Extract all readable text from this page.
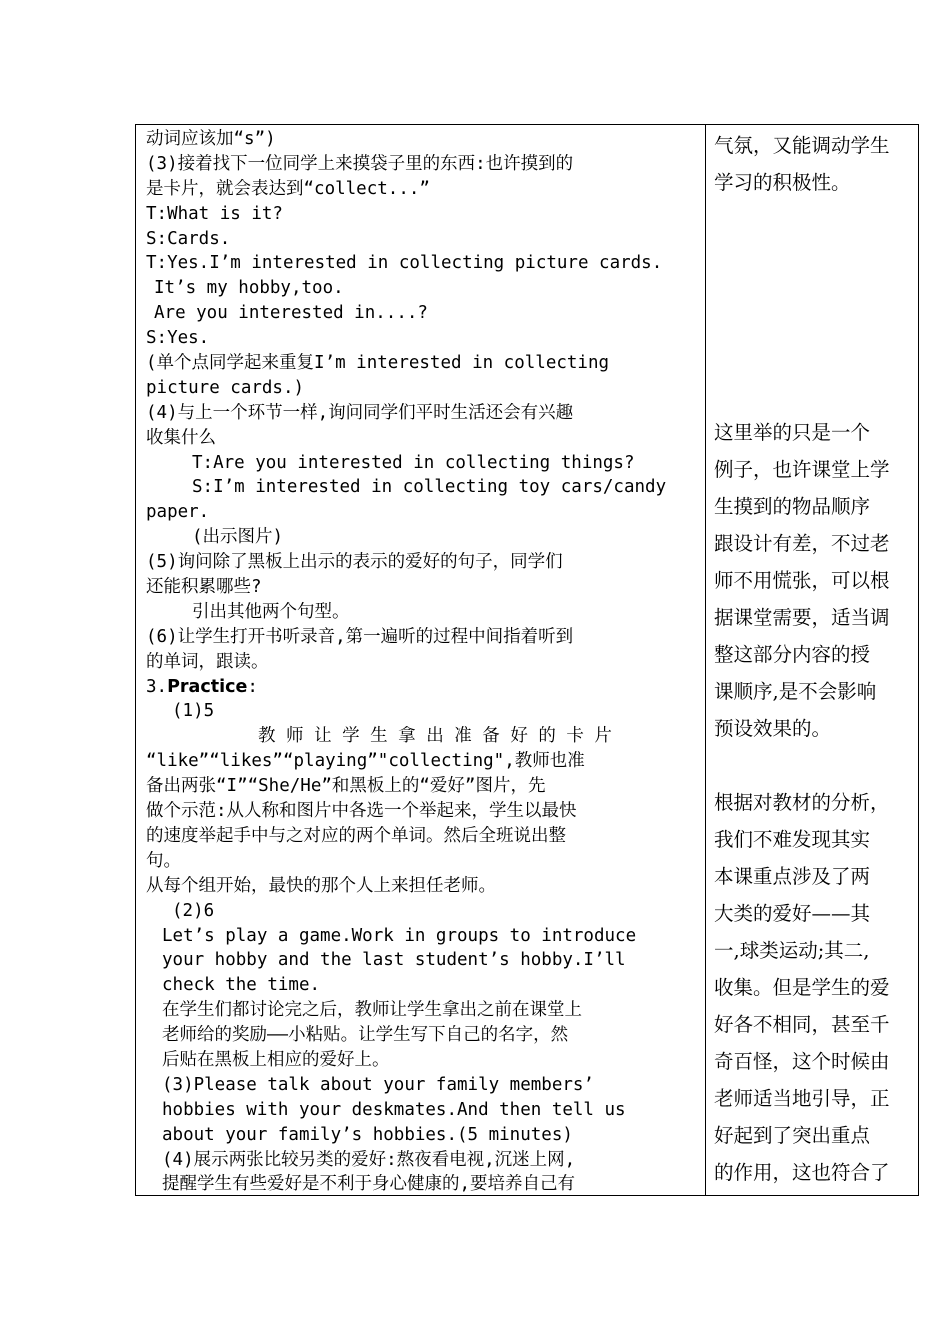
动词应该加“s”)
(3)接着找下一位同学上来摸袋子里的东西:也许摸到的
是卡片，就会表达到“collect...”
T:What is it?
S:Cards.
T:Yes.I’m interested in collecting picture cards.
It’s my hobby,too.
Are you interested in....?
S:Yes.
(单个点同学起来重复I’m interested in collecting
picture cards.)
(4)与上一个环节一样,询问同学们平时生活还会有兴趣
收集什么
T:Are you interested in collecting things?
S:I’m interested in collecting toy cars/candy
paper.
(出示图片)
(5)询问除了黑板上出示的表示的爱好的句子，同学们
还能积累哪些?
引出其他两个句型。
(6)让学生打开书听录音,第一遍听的过程中间指着听到
的单词，跟读。
3.Practice:
(1)5
教 师 让 学 生 拿 出 准 备 好 的 卡 片
“like”“likes”“playing”"collecting",教师也准
备出两张“I”“She/He”和黑板上的“爱好”图片，先
做个示范:从人称和图片中各选一个举起来，学生以最快
的速度举起手中与之对应的两个单词。然后全班说出整
句。
从每个组开始，最快的那个人上来担任老师。
(2)6
Let’s play a game.Work in groups to introduce
your hobby and the last student’s hobby.I’ll
check the time.
在学生们都讨论完之后，教师让学生拿出之前在课堂上
老师给的奖励——小粘贴。让学生写下自己的名字，然
后贴在黑板上相应的爱好上。
(3)Please talk about your family members’
hobbies with your deskmates.And then tell us
about your family’s hobbies.(5 minutes)
(4)展示两张比较另类的爱好:熬夜看电视,沉迷上网,
提醒学生有些爱好是不利于身心健康的,要培养自己有
气氛，又能调动学生
学习的积极性。
这里举的只是一个
例子，也许课堂上学
生摸到的物品顺序
跟设计有差，不过老
师不用慌张，可以根
据课堂需要，适当调
整这部分内容的授
课顺序,是不会影响
预设效果的。
根据对教材的分析，
我们不难发现其实
本课重点涉及了两
大类的爱好——其
一,球类运动;其二,
收集。但是学生的爱
好各不相同，甚至千
奇百怪，这个时候由
老师适当地引导，正
好起到了突出重点
的作用，这也符合了
